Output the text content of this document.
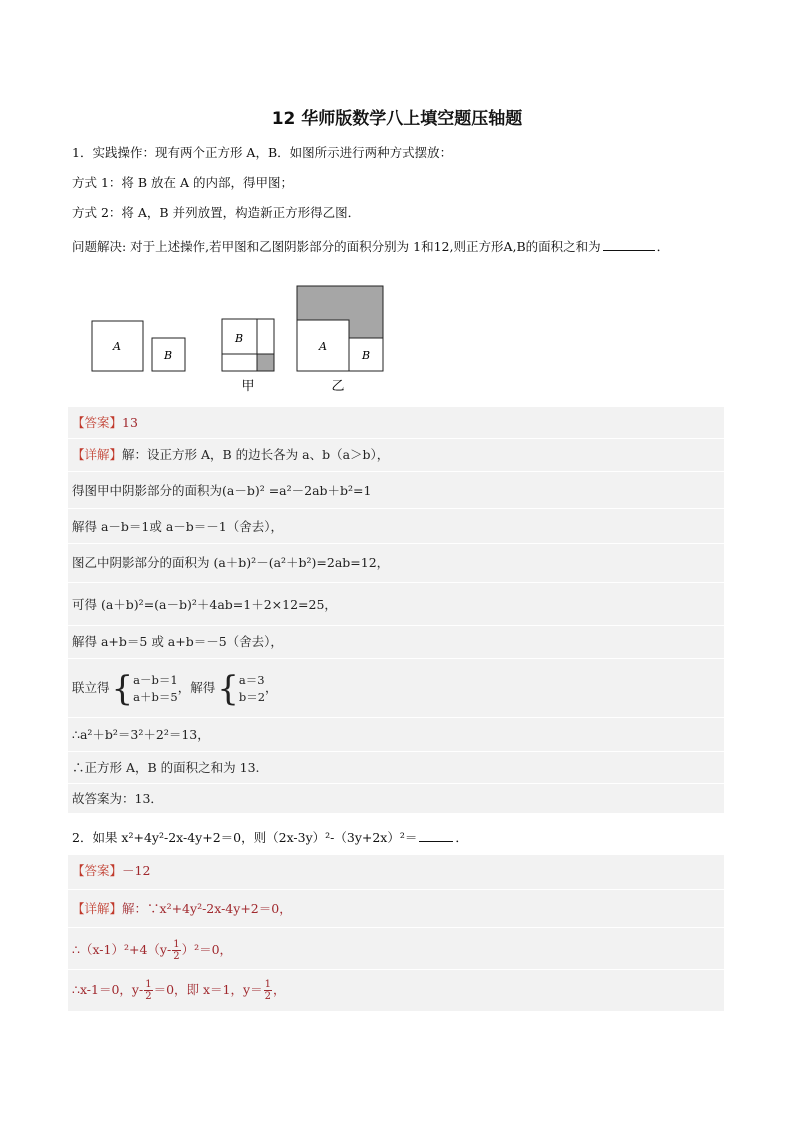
12 华师版数学八上填空题压轴题
1．实践操作：现有两个正方形 A，B．如图所示进行两种方式摆放：
方式 1：将 B 放在 A 的内部，得甲图；
方式 2：将 A，B 并列放置，构造新正方形得乙图．
问题解决: 对于上述操作,若甲图和乙图阴影部分的面积分别为 1和12,则正方形A,B的面积之和为	．
A
B
B
甲
A
B
乙
【答案】13
【详解】解：设正方形 A，B 的边长各为 a、b（a＞b），
得图甲中阴影部分的面积为(a－b)² =a²－2ab＋b²=1
解得 a－b＝1或 a－b＝－1（舍去），
图乙中阴影部分的面积为 (a＋b)²－(a²＋b²)=2ab=12，
可得 (a＋b)²=(a－b)²＋4ab=1＋2×12=25，
解得 a+b＝5 或 a+b＝－5（舍去），
联立得{a－b＝1
a＋b＝5，解得{a＝3
b＝2，
∴a²＋b²＝3²＋2²＝13，
∴正方形 A，B 的面积之和为 13.
故答案为：13．
2．如果 x²+4y²-2x-4y+2＝0，则（2x-3y）²-（3y+2x）²＝	．
【答案】－12
【详解】解：∵x²+4y²-2x-4y+2＝0，
∴（x-1）²+4（y- $\frac{1}{2} )^2=0$，
∴x-1＝0，$y- \frac{1}{2} =0$，即 x＝1，$y= \frac{1}{2}$ ，
